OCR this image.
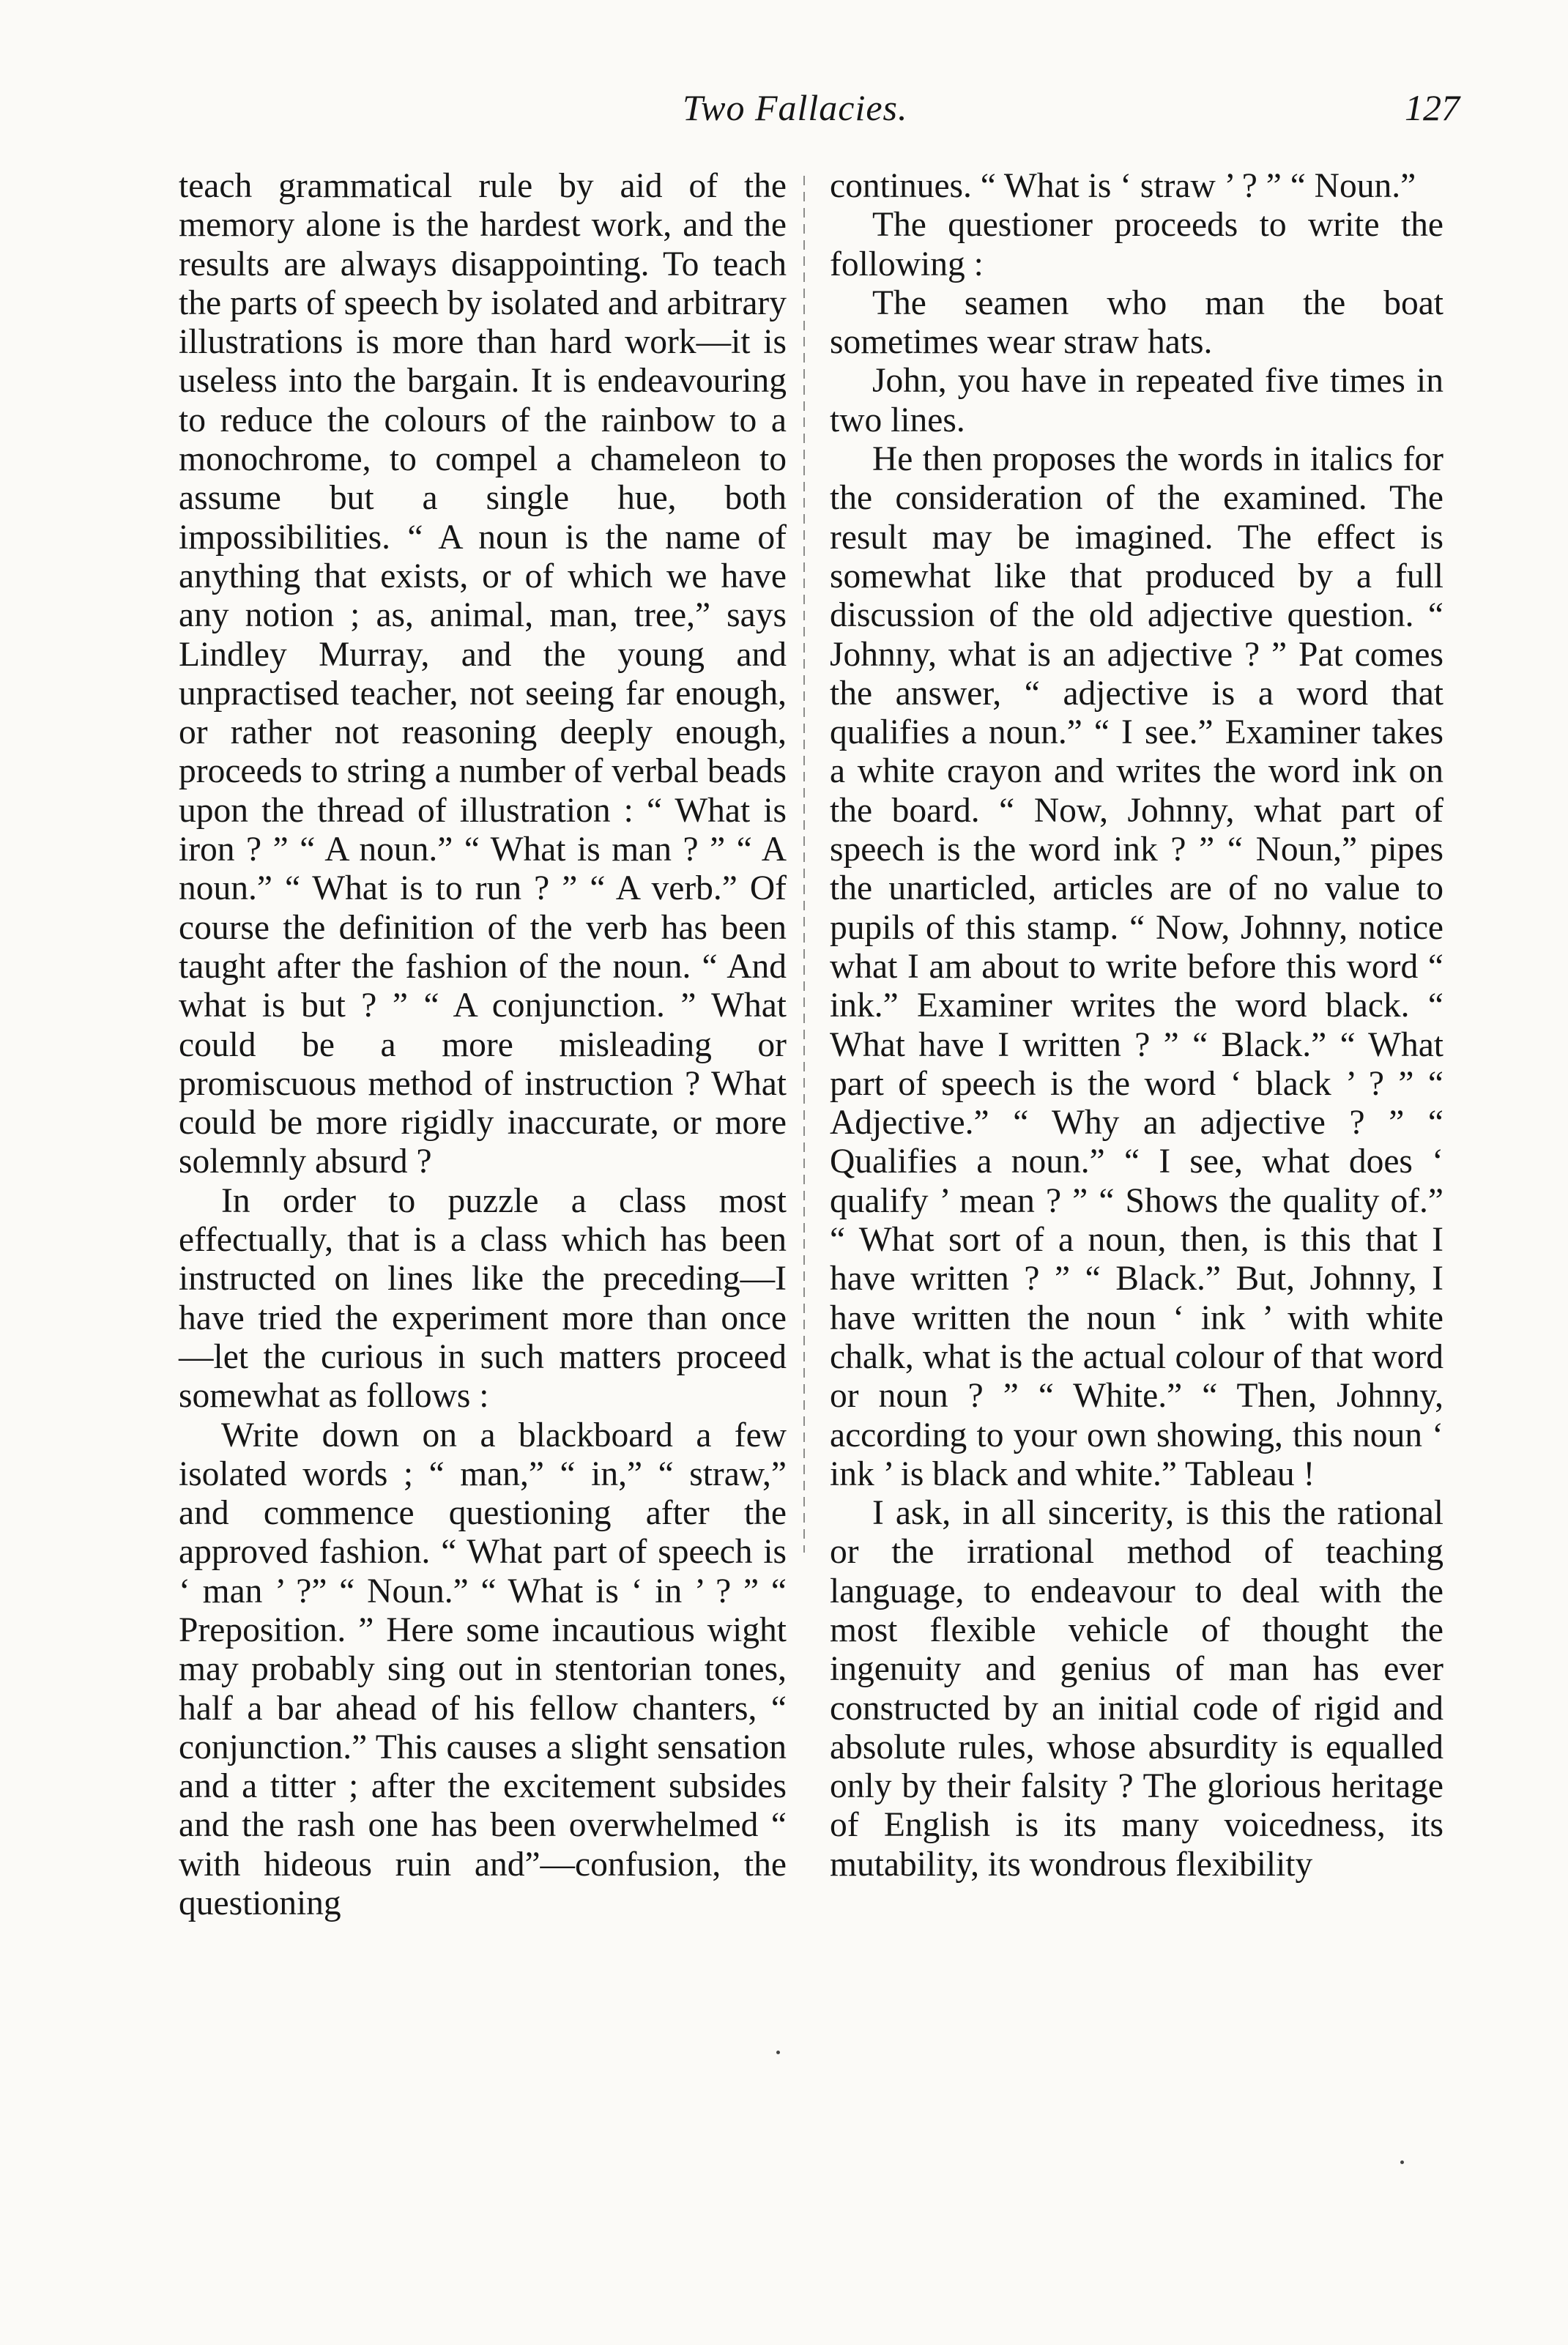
Two Fallacies.	127

teach grammatical rule by aid of the memory alone is the hardest work, and the results are always disappointing. To teach the parts of speech by isolated and arbitrary illustrations is more than hard work—it is useless into the bargain. It is endeavouring to reduce the colours of the rainbow to a monochrome, to compel a chameleon to assume but a single hue, both impossibilities. “ A noun is the name of anything that exists, or of which we have any notion ; as, animal, man, tree,” says Lindley Murray, and the young and unpractised teacher, not seeing far enough, or rather not reasoning deeply enough, proceeds to string a number of verbal beads upon the thread of illustration : “ What is iron ? ” “ A noun.” “ What is man ? ” “ A noun.” “ What is to run ? ” “ A verb.” Of course the definition of the verb has been taught after the fashion of the noun. “ And what is but ? ” “ A conjunction. ” What could be a more misleading or promiscuous method of instruction ? What could be more rigidly inaccurate, or more solemnly absurd ?

In order to puzzle a class most effectually, that is a class which has been instructed on lines like the preceding—I have tried the experiment more than once—let the curious in such matters proceed somewhat as follows :

Write down on a blackboard a few isolated words ; “ man,” “ in,” “ straw,” and commence questioning after the approved fashion. “ What part of speech is ‘ man ’ ?” “ Noun.” “ What is ‘ in ’ ? ” “ Preposition. ” Here some incautious wight may probably sing out in stentorian tones, half a bar ahead of his fellow chanters, “ conjunction.” This causes a slight sensation and a titter ; after the excitement subsides and the rash one has been overwhelmed “ with hideous ruin and”—confusion, the questioning

continues. “ What is ‘ straw ’ ? ” “ Noun.”

The questioner proceeds to write the following :

The seamen who man the boat sometimes wear straw hats.

John, you have in repeated five times in two lines.

He then proposes the words in italics for the consideration of the examined. The result may be imagined. The effect is somewhat like that produced by a full discussion of the old adjective question. “ Johnny, what is an adjective ? ” Pat comes the answer, “ adjective is a word that qualifies a noun.” “ I see.” Examiner takes a white crayon and writes the word ink on the board. “ Now, Johnny, what part of speech is the word ink ? ” “ Noun,” pipes the unarticled, articles are of no value to pupils of this stamp. “ Now, Johnny, notice what I am about to write before this word “ ink.” Examiner writes the word black. “ What have I written ? ” “ Black.” “ What part of speech is the word ‘ black ’ ? ” “ Adjective.” “ Why an adjective ? ” “ Qualifies a noun.” “ I see, what does ‘ qualify ’ mean ? ” “ Shows the quality of.” “ What sort of a noun, then, is this that I have written ? ” “ Black.” But, Johnny, I have written the noun ‘ ink ’ with white chalk, what is the actual colour of that word or noun ? ” “ White.” “ Then, Johnny, according to your own showing, this noun ‘ ink ’ is black and white.” Tableau !

I ask, in all sincerity, is this the rational or the irrational method of teaching language, to endeavour to deal with the most flexible vehicle of thought the ingenuity and genius of man has ever constructed by an initial code of rigid and absolute rules, whose absurdity is equalled only by their falsity ? The glorious heritage of English is its many voicedness, its mutability, its wondrous flexibility
